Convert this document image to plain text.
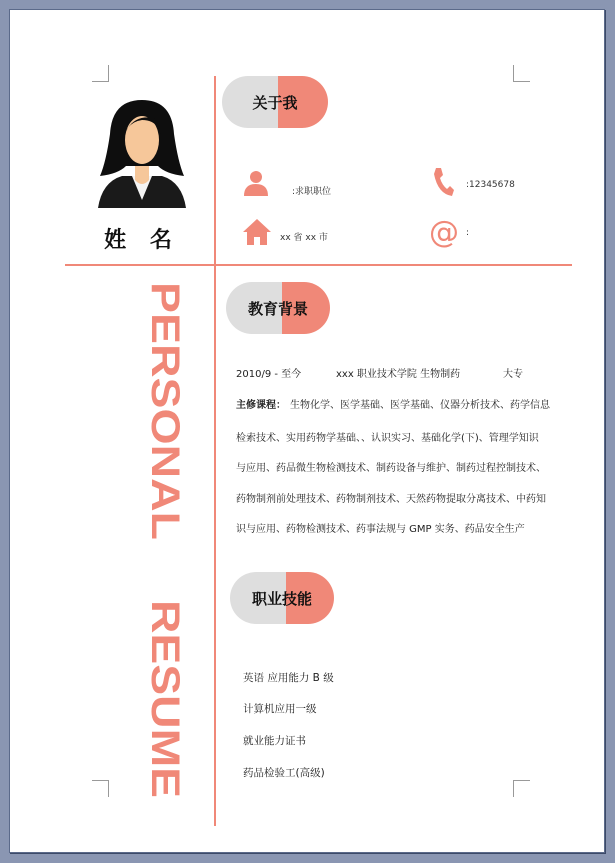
姓 名
PERSONAL
RESUME
关于我
:求职职位
:12345678
xx 省 xx 市	@ :
教育背景
2010/9 - 至今	xxx 职业技术学院 生物制药	大专
主修课程： 生物化学、医学基础、医学基础、仪器分析技术、药学信息
检索技术、实用药物学基础、、认识实习、基础化学(下)、管理学知识
与应用、药品微生物检测技术、制药设备与维护、制药过程控制技术、
药物制剂前处理技术、药物制剂技术、天然药物提取分离技术、中药知
识与应用、药物检测技术、药事法规与 GMP 实务、药品安全生产
职业技能
英语 应用能力 B 级
计算机应用一级
就业能力证书
药品检验工(高级)
